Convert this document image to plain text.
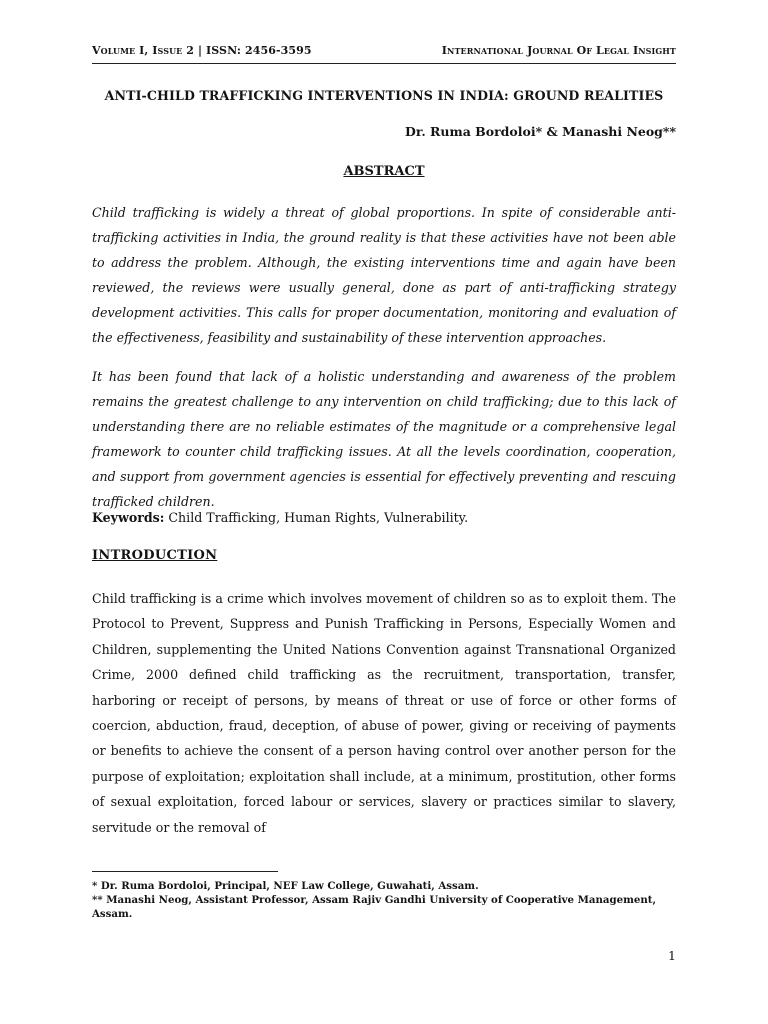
Volume I, Issue 2 | ISSN: 2456-3595	International Journal Of Legal Insight
ANTI-CHILD TRAFFICKING INTERVENTIONS IN INDIA: GROUND REALITIES
Dr. Ruma Bordoloi* & Manashi Neog**
ABSTRACT

Child trafficking is widely a threat of global proportions. In spite of considerable anti-trafficking activities in India, the ground reality is that these activities have not been able to address the problem. Although, the existing interventions time and again have been reviewed, the reviews were usually general, done as part of anti-trafficking strategy development activities. This calls for proper documentation, monitoring and evaluation of the effectiveness, feasibility and sustainability of these intervention approaches.

It has been found that lack of a holistic understanding and awareness of the problem remains the greatest challenge to any intervention on child trafficking; due to this lack of understanding there are no reliable estimates of the magnitude or a comprehensive legal framework to counter child trafficking issues. At all the levels coordination, cooperation, and support from government agencies is essential for effectively preventing and rescuing trafficked children.

Keywords: Child Trafficking, Human Rights, Vulnerability.

INTRODUCTION

Child trafficking is a crime which involves movement of children so as to exploit them. The Protocol to Prevent, Suppress and Punish Trafficking in Persons, Especially Women and Children, supplementing the United Nations Convention against Transnational Organized Crime, 2000 defined child trafficking as the recruitment, transportation, transfer, harboring or receipt of persons, by means of threat or use of force or other forms of coercion, abduction, fraud, deception, of abuse of power, giving or receiving of payments or benefits to achieve the consent of a person having control over another person for the purpose of exploitation; exploitation shall include, at a minimum, prostitution, other forms of sexual exploitation, forced labour or services, slavery or practices similar to slavery, servitude or the removal of

* Dr. Ruma Bordoloi, Principal, NEF Law College, Guwahati, Assam.
** Manashi Neog, Assistant Professor, Assam Rajiv Gandhi University of Cooperative Management, Assam.
1
